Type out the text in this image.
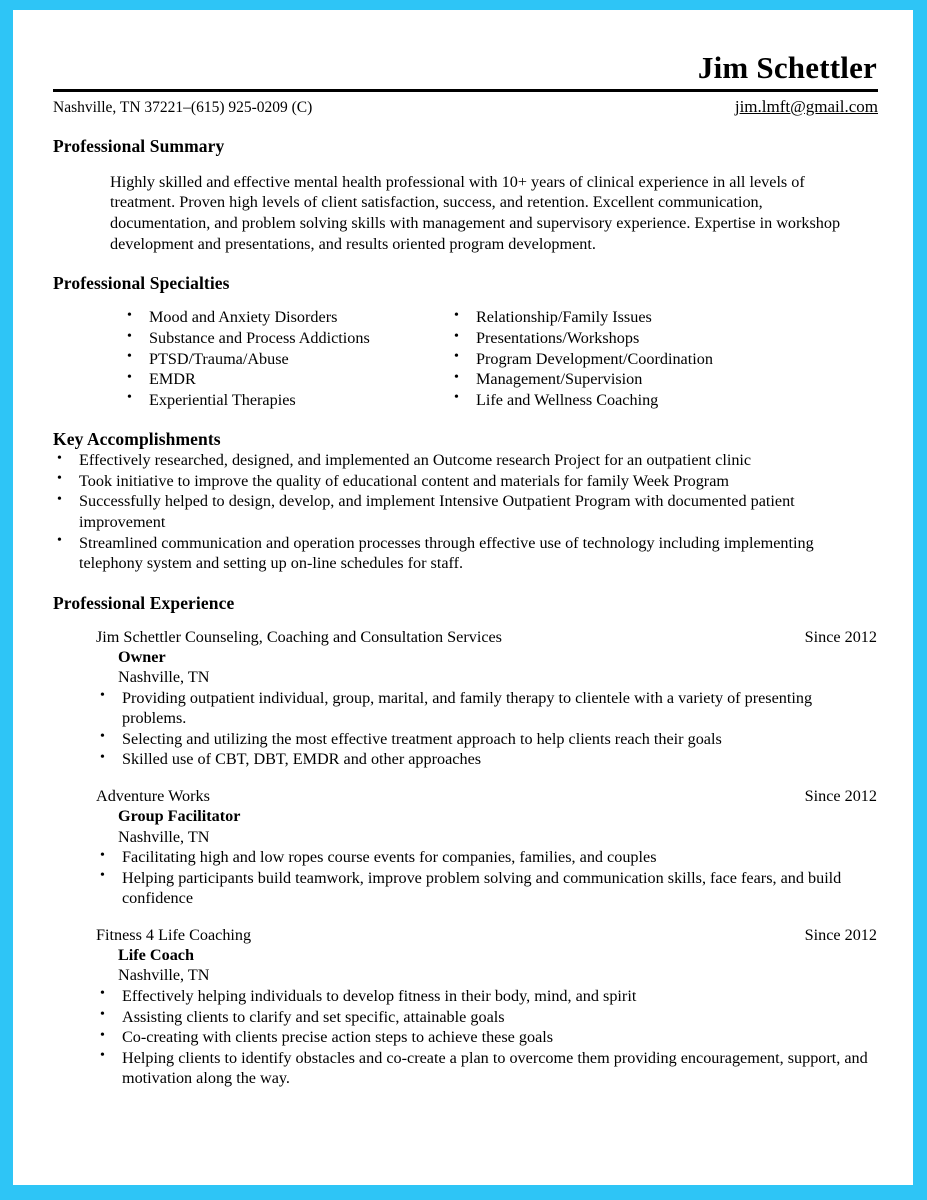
Jim Schettler
Nashville, TN 37221–(615) 925-0209 (C)	jim.lmft@gmail.com
Professional Summary
Highly skilled and effective mental health professional with 10+ years of clinical experience in all levels of treatment. Proven high levels of client satisfaction, success, and retention. Excellent communication, documentation, and problem solving skills with management and supervisory experience. Expertise in workshop development and presentations, and results oriented program development.
Professional Specialties
• Mood and Anxiety Disorders
• Substance and Process Addictions
• PTSD/Trauma/Abuse
• EMDR
• Experiential Therapies
• Relationship/Family Issues
• Presentations/Workshops
• Program Development/Coordination
• Management/Supervision
• Life and Wellness Coaching
Key Accomplishments
• Effectively researched, designed, and implemented an Outcome research Project for an outpatient clinic
• Took initiative to improve the quality of educational content and materials for family Week Program
• Successfully helped to design, develop, and implement Intensive Outpatient Program with documented patient improvement
• Streamlined communication and operation processes through effective use of technology including implementing telephony system and setting up on-line schedules for staff.
Professional Experience
Jim Schettler Counseling, Coaching and Consultation Services	Since 2012
Owner
Nashville, TN
• Providing outpatient individual, group, marital, and family therapy to clientele with a variety of presenting problems.
• Selecting and utilizing the most effective treatment approach to help clients reach their goals
• Skilled use of CBT, DBT, EMDR and other approaches
Adventure Works	Since 2012
Group Facilitator
Nashville, TN
• Facilitating high and low ropes course events for companies, families, and couples
• Helping participants build teamwork, improve problem solving and communication skills, face fears, and build confidence
Fitness 4 Life Coaching	Since 2012
Life Coach
Nashville, TN
• Effectively helping individuals to develop fitness in their body, mind, and spirit
• Assisting clients to clarify and set specific, attainable goals
• Co-creating with clients precise action steps to achieve these goals
• Helping clients to identify obstacles and co-create a plan to overcome them providing encouragement, support, and motivation along the way.
